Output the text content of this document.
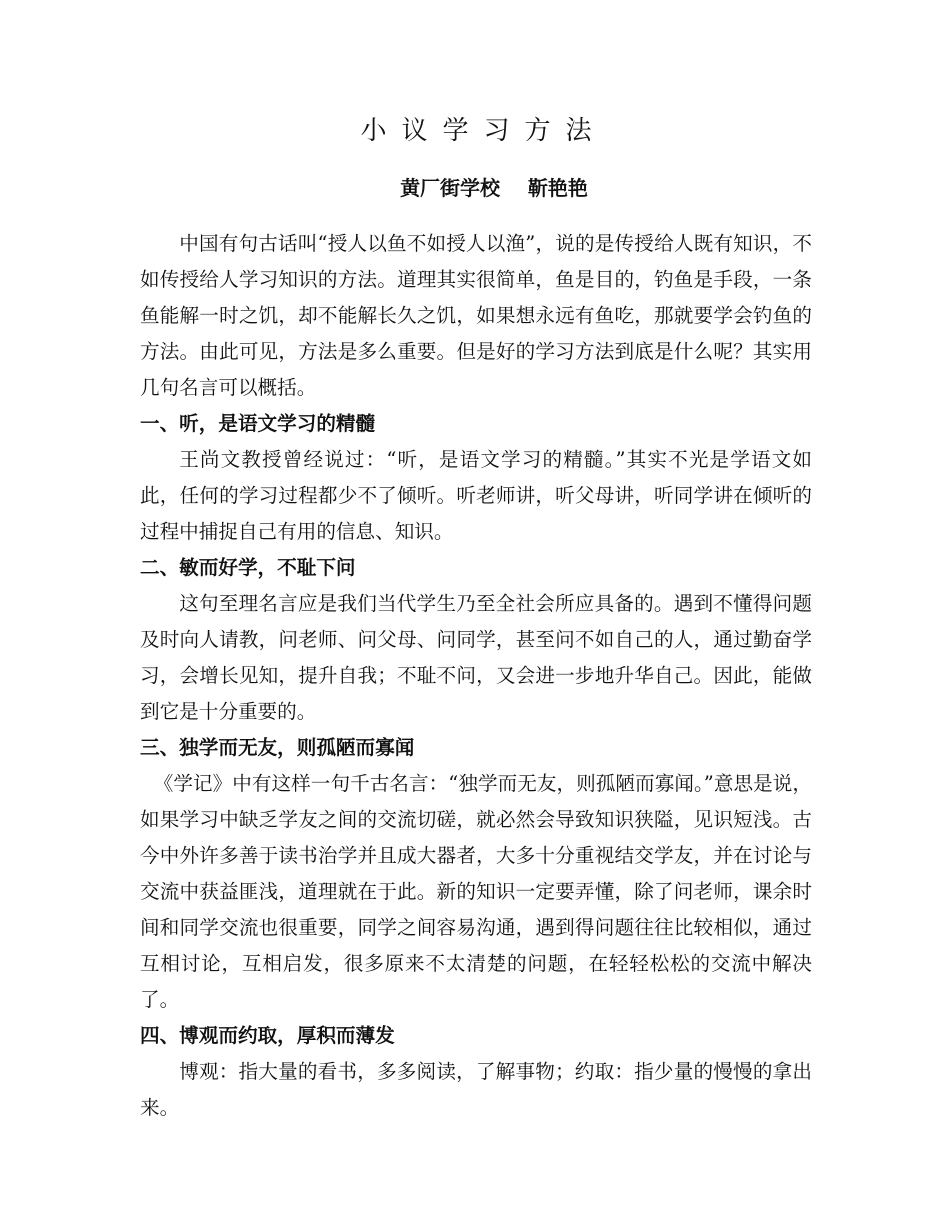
小议学习方法
黄厂街学校    靳艳艳

中国有句古话叫“授人以鱼不如授人以渔”，说的是传授给人既有知识，不如传授给人学习知识的方法。道理其实很简单，鱼是目的，钓鱼是手段，一条鱼能解一时之饥，却不能解长久之饥，如果想永远有鱼吃，那就要学会钓鱼的方法。由此可见，方法是多么重要。但是好的学习方法到底是什么呢？其实用几句名言可以概括。

一、听，是语文学习的精髓

王尚文教授曾经说过：“听，是语文学习的精髓。”其实不光是学语文如此，任何的学习过程都少不了倾听。听老师讲，听父母讲，听同学讲在倾听的过程中捕捉自己有用的信息、知识。

二、敏而好学，不耻下问

这句至理名言应是我们当代学生乃至全社会所应具备的。遇到不懂得问题及时向人请教，问老师、问父母、问同学，甚至问不如自己的人，通过勤奋学习，会增长见知，提升自我；不耻不问，又会进一步地升华自己。因此，能做到它是十分重要的。

三、独学而无友，则孤陋而寡闻

《学记》中有这样一句千古名言：“独学而无友，则孤陋而寡闻。”意思是说，如果学习中缺乏学友之间的交流切磋，就必然会导致知识狭隘，见识短浅。古今中外许多善于读书治学并且成大器者，大多十分重视结交学友，并在讨论与交流中获益匪浅，道理就在于此。新的知识一定要弄懂，除了问老师，课余时间和同学交流也很重要，同学之间容易沟通，遇到得问题往往比较相似，通过互相讨论，互相启发，很多原来不太清楚的问题，在轻轻松松的交流中解决了。

四、博观而约取，厚积而薄发

博观：指大量的看书，多多阅读，了解事物；约取：指少量的慢慢的拿出来。
